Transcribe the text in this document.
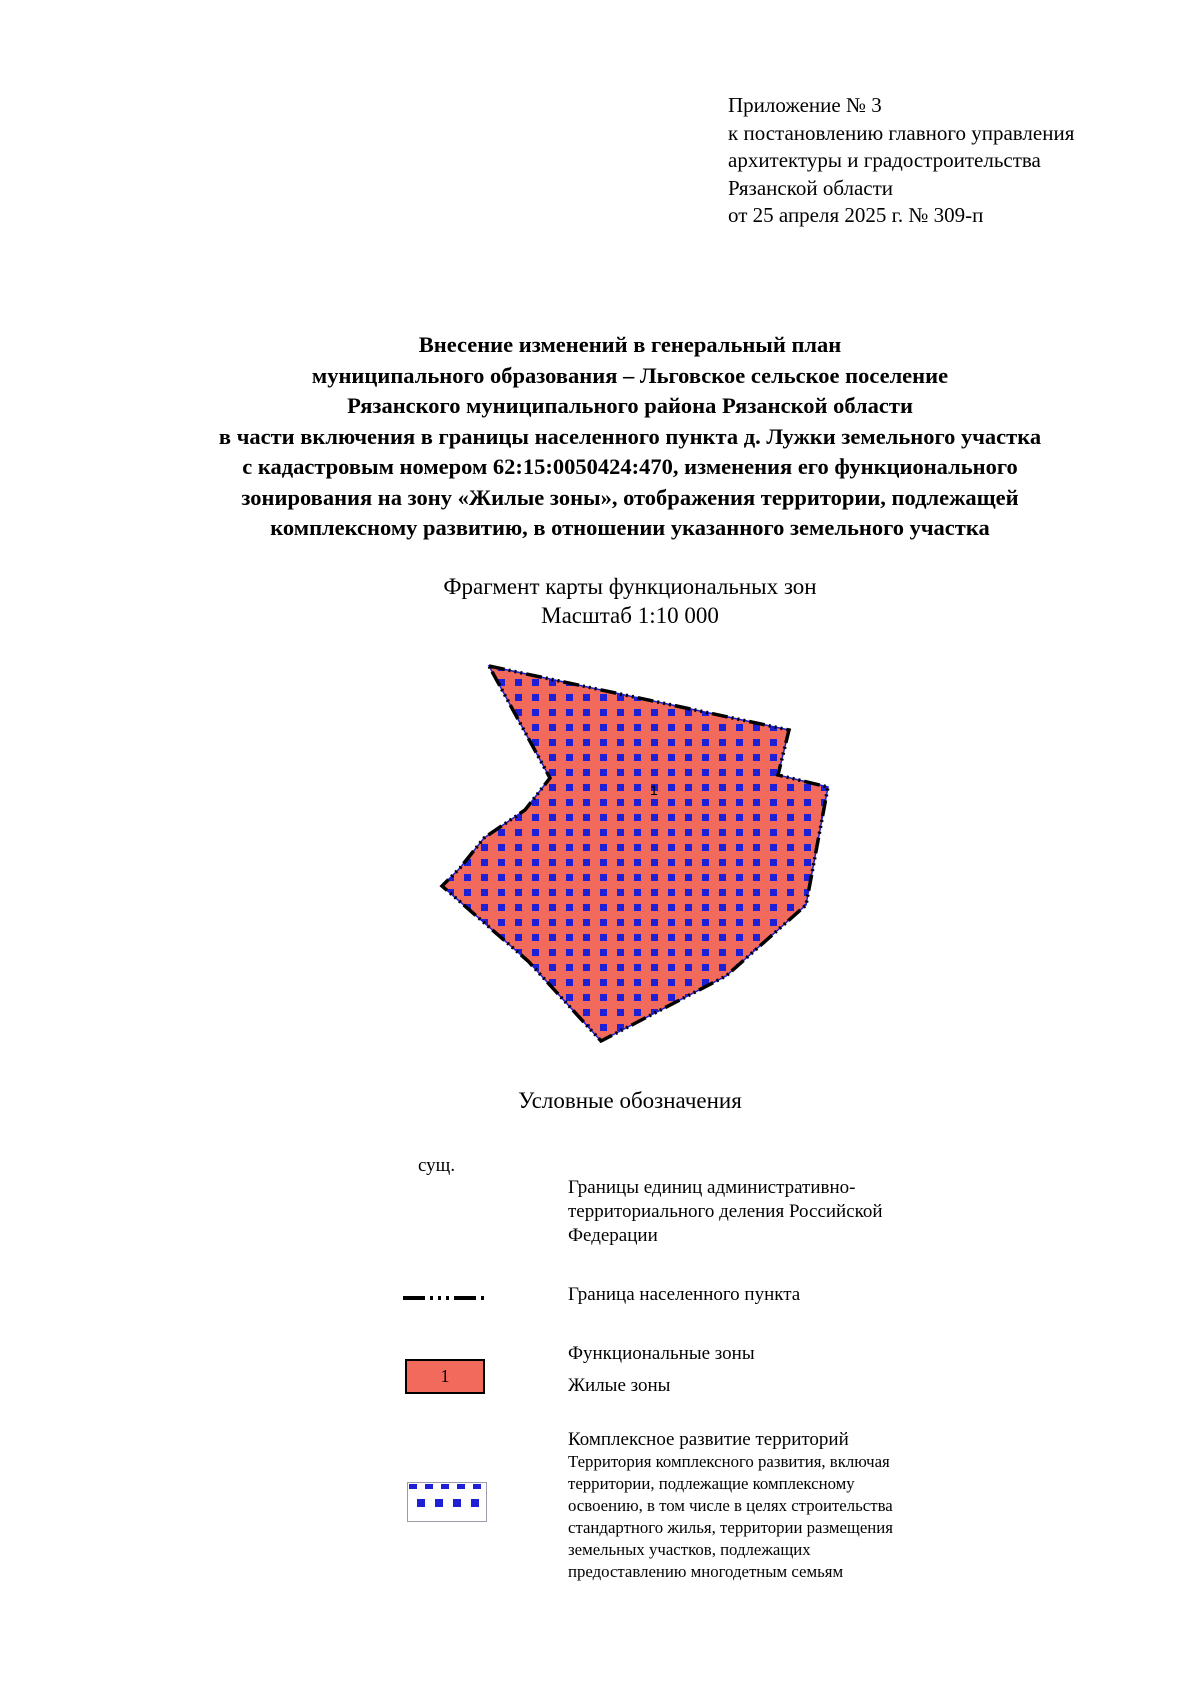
Приложение № 3
к постановлению главного управления
архитектуры и градостроительства
Рязанской области
от 25 апреля 2025 г. № 309-п
Внесение изменений в генеральный план
муниципального образования – Льговское сельское поселение
Рязанского муниципального района Рязанской области
в части включения в границы населенного пункта д. Лужки земельного участка
с кадастровым номером 62:15:0050424:470, изменения его функционального
зонирования на зону «Жилые зоны», отображения территории, подлежащей
комплексному развитию, в отношении указанного земельного участка
Фрагмент карты функциональных зон
Масштаб 1:10 000
1
Условные обозначения
сущ.
Границы единиц административно-
территориального деления Российской
Федерации
Граница населенного пункта
Функциональные зоны
1	Жилые зоны
Комплексное развитие территорий
Территория комплексного развития, включая
территории, подлежащие комплексному
освоению, в том числе в целях строительства
стандартного жилья, территории размещения
земельных участков, подлежащих
предоставлению многодетным семьям
